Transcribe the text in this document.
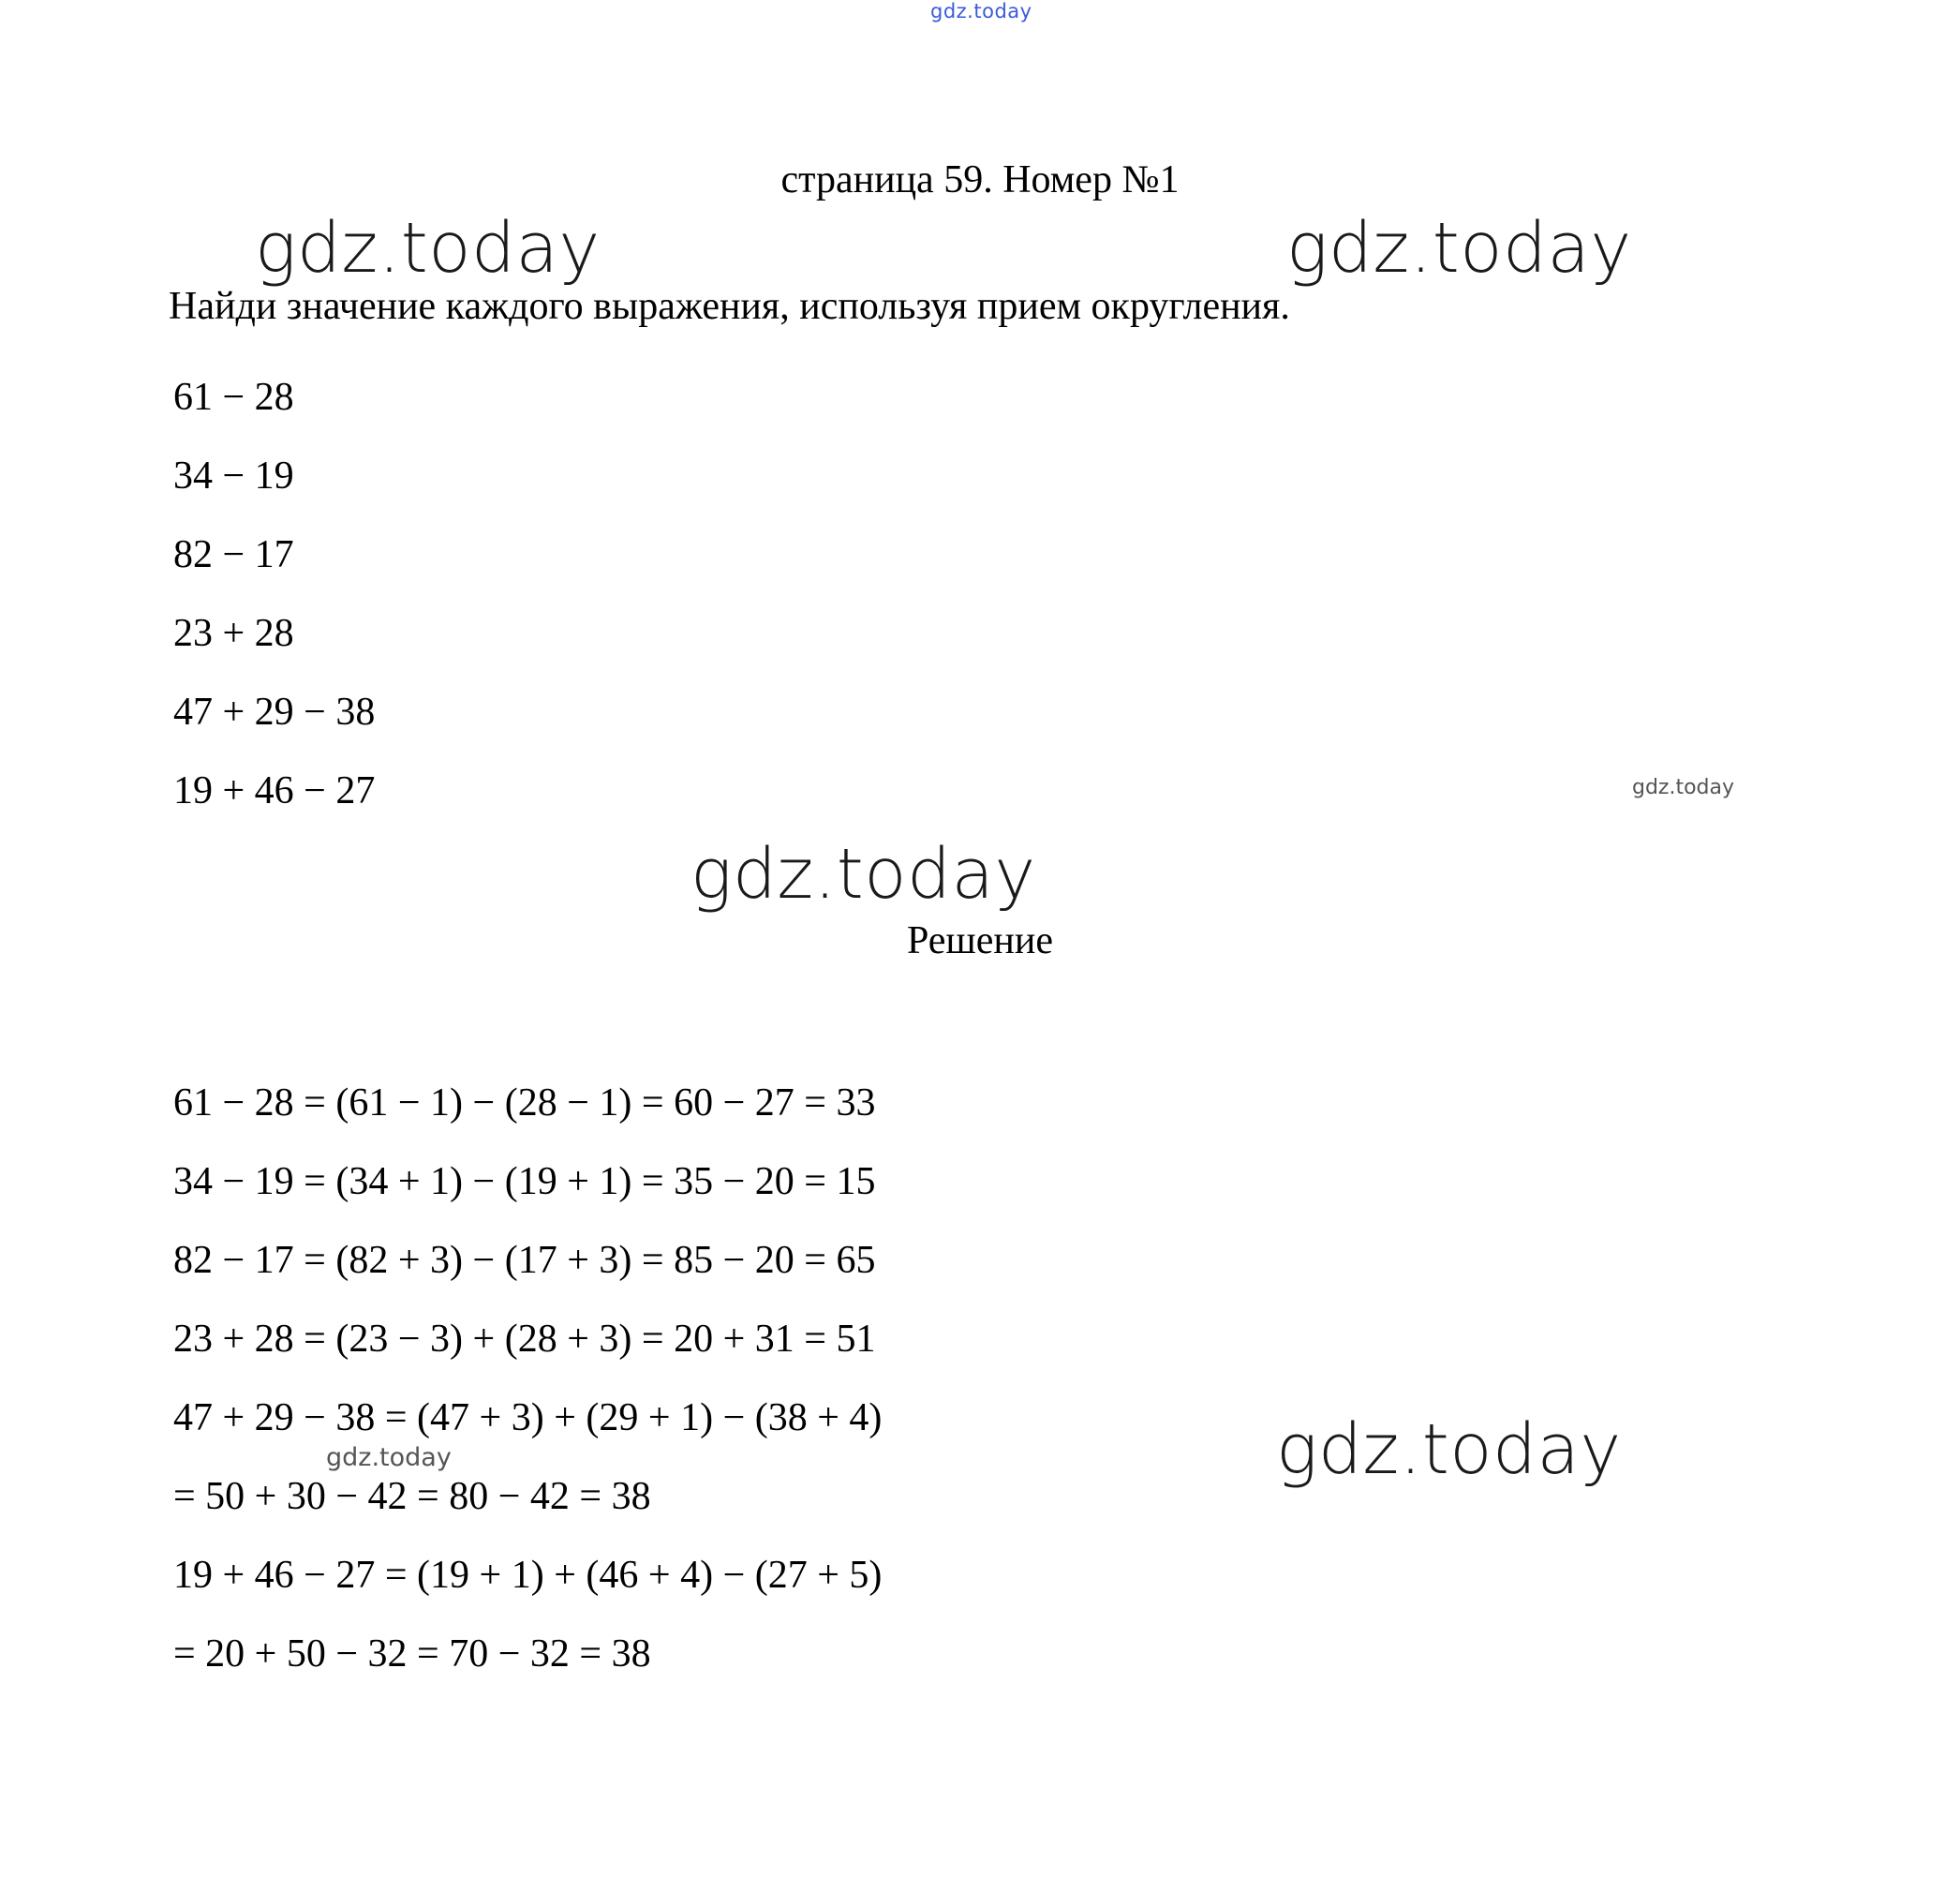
gdz.today
gdz.today	gdz.today
gdz.today
gdz.today
gdz.today
gdz.today
страница 59. Номер №1
Найди значение каждого выражения, используя прием округления.
61 − 28
34 − 19
82 − 17
23 + 28
47 + 29 − 38
19 + 46 − 27
Решение
61 − 28 = (61 − 1) − (28 − 1) = 60 − 27 = 33
34 − 19 = (34 + 1) − (19 + 1) = 35 − 20 = 15
82 − 17 = (82 + 3) − (17 + 3) = 85 − 20 = 65
23 + 28 = (23 − 3) + (28 + 3) = 20 + 31 = 51
47 + 29 − 38 = (47 + 3) + (29 + 1) − (38 + 4)
= 50 + 30 − 42 = 80 − 42 = 38
19 + 46 − 27 = (19 + 1) + (46 + 4) − (27 + 5)
= 20 + 50 − 32 = 70 − 32 = 38
